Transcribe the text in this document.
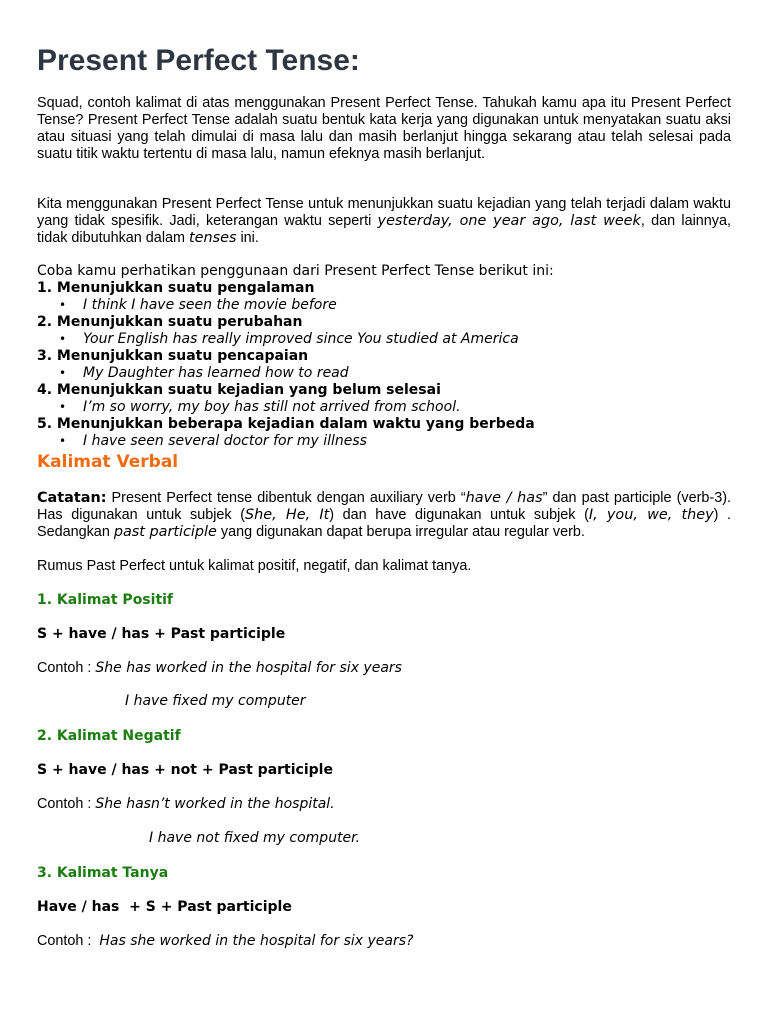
Present Perfect Tense:

Squad, contoh kalimat di atas menggunakan Present Perfect Tense. Tahukah kamu apa itu Present Perfect Tense? Present Perfect Tense adalah suatu bentuk kata kerja yang digunakan untuk menyatakan suatu aksi atau situasi yang telah dimulai di masa lalu dan masih berlanjut hingga sekarang atau telah selesai pada suatu titik waktu tertentu di masa lalu, namun efeknya masih berlanjut.

Kita menggunakan Present Perfect Tense untuk menunjukkan suatu kejadian yang telah terjadi dalam waktu yang tidak spesifik. Jadi, keterangan waktu seperti yesterday, one year ago, last week, dan lainnya, tidak dibutuhkan dalam tenses ini.

Coba kamu perhatikan penggunaan dari Present Perfect Tense berikut ini:

1. Menunjukkan suatu pengalaman

• I think I have seen the movie before

2. Menunjukkan suatu perubahan

• Your English has really improved since You studied at America

3. Menunjukkan suatu pencapaian

• My Daughter has learned how to read

4. Menunjukkan suatu kejadian yang belum selesai

• I’m so worry, my boy has still not arrived from school.

5. Menunjukkan beberapa kejadian dalam waktu yang berbeda

• I have seen several doctor for my illness

Kalimat Verbal

Catatan: Present Perfect tense dibentuk dengan auxiliary verb “have / has” dan past participle (verb-3). Has digunakan untuk subjek (She, He, It) dan have digunakan untuk subjek (I, you, we, they) . Sedangkan past participle yang digunakan dapat berupa irregular atau regular verb.

Rumus Past Perfect untuk kalimat positif, negatif, dan kalimat tanya.

1. Kalimat Positif

S + have / has + Past participle

Contoh : She has worked in the hospital for six years

I have fixed my computer

2. Kalimat Negatif

S + have / has + not + Past participle

Contoh : She hasn’t worked in the hospital.

I have not fixed my computer.

3. Kalimat Tanya

Have / has  + S + Past participle

Contoh :  Has she worked in the hospital for six years?
